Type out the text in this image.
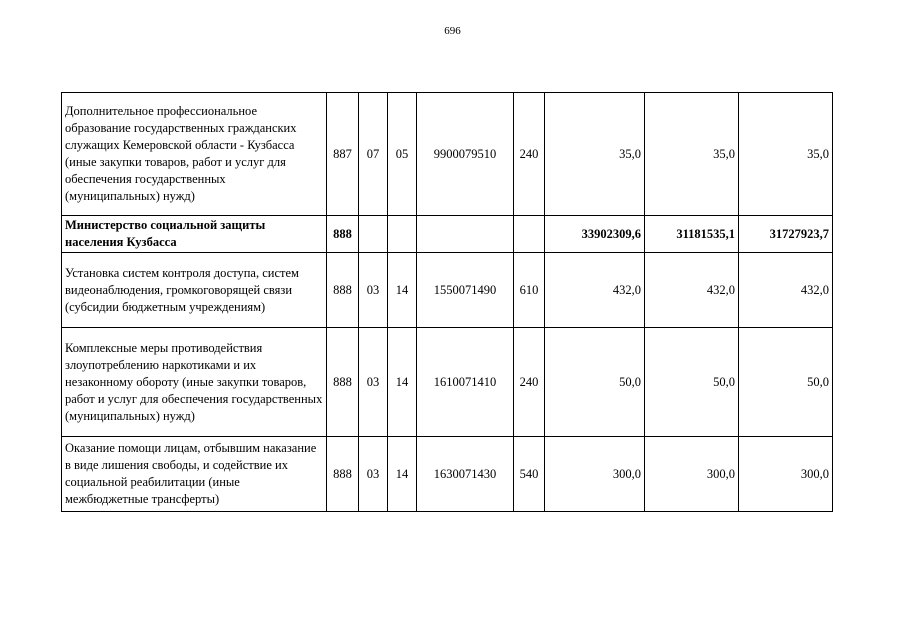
696
Дополнительное профессиональное образование государственных гражданских служащих Кемеровской области - Кузбасса (иные закупки товаров, работ и услуг для обеспечения государственных (муниципальных) нужд)	887	07	05	9900079510	240	35,0	35,0	35,0
Министерство социальной защиты населения Кузбасса	888					33902309,6	31181535,1	31727923,7
Установка систем контроля доступа, систем видеонаблюдения, громкоговорящей связи (субсидии бюджетным учреждениям)	888	03	14	1550071490	610	432,0	432,0	432,0
Комплексные меры противодействия злоупотреблению наркотиками и их незаконному обороту (иные закупки товаров, работ и услуг для обеспечения государственных (муниципальных) нужд)	888	03	14	1610071410	240	50,0	50,0	50,0
Оказание помощи лицам, отбывшим наказание в виде лишения свободы, и содействие их социальной реабилитации (иные межбюджетные трансферты)	888	03	14	1630071430	540	300,0	300,0	300,0
